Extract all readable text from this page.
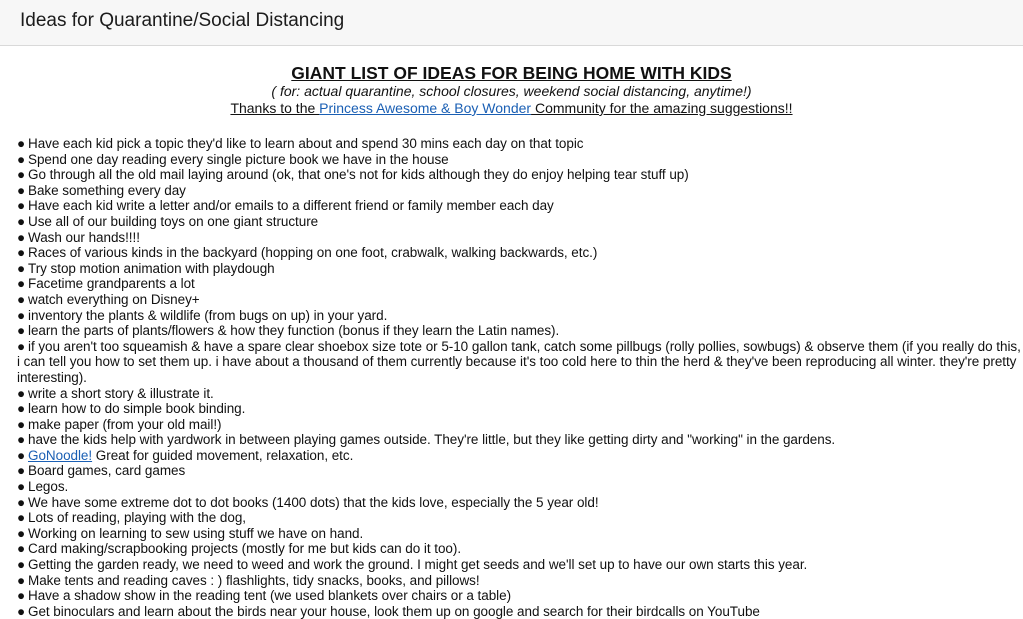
Ideas for Quarantine/Social Distancing
GIANT LIST OF IDEAS FOR BEING HOME WITH KIDS
( for: actual quarantine, school closures, weekend social distancing, anytime!)
Thanks to the Princess Awesome & Boy Wonder Community for the amazing suggestions!!
● Have each kid pick a topic they'd like to learn about and spend 30 mins each day on that topic
● Spend one day reading every single picture book we have in the house
● Go through all the old mail laying around (ok, that one's not for kids although they do enjoy helping tear stuff up)
● Bake something every day
● Have each kid write a letter and/or emails to a different friend or family member each day
● Use all of our building toys on one giant structure
● Wash our hands!!!!
● Races of various kinds in the backyard (hopping on one foot, crabwalk, walking backwards, etc.)
● Try stop motion animation with playdough
● Facetime grandparents a lot
● watch everything on Disney+
● inventory the plants & wildlife (from bugs on up) in your yard.
● learn the parts of plants/flowers & how they function (bonus if they learn the Latin names).
● if you aren't too squeamish & have a spare clear shoebox size tote or 5-10 gallon tank, catch some pillbugs (rolly pollies, sowbugs) & observe them (if you really do this, i can tell you how to set them up. i have about a thousand of them currently because it's too cold here to thin the herd & they've been reproducing all winter. they're pretty interesting).
● write a short story & illustrate it.
● learn how to do simple book binding.
● make paper (from your old mail!)
● have the kids help with yardwork in between playing games outside. They're little, but they like getting dirty and "working" in the gardens.
● GoNoodle! Great for guided movement, relaxation, etc.
● Board games, card games
● Legos.
● We have some extreme dot to dot books (1400 dots) that the kids love, especially the 5 year old!
● Lots of reading, playing with the dog,
● Working on learning to sew using stuff we have on hand.
● Card making/scrapbooking projects (mostly for me but kids can do it too).
● Getting the garden ready, we need to weed and work the ground. I might get seeds and we'll set up to have our own starts this year.
● Make tents and reading caves : ) flashlights, tidy snacks, books, and pillows!
● Have a shadow show in the reading tent (we used blankets over chairs or a table)
● Get binoculars and learn about the birds near your house, look them up on google and search for their birdcalls on YouTube
